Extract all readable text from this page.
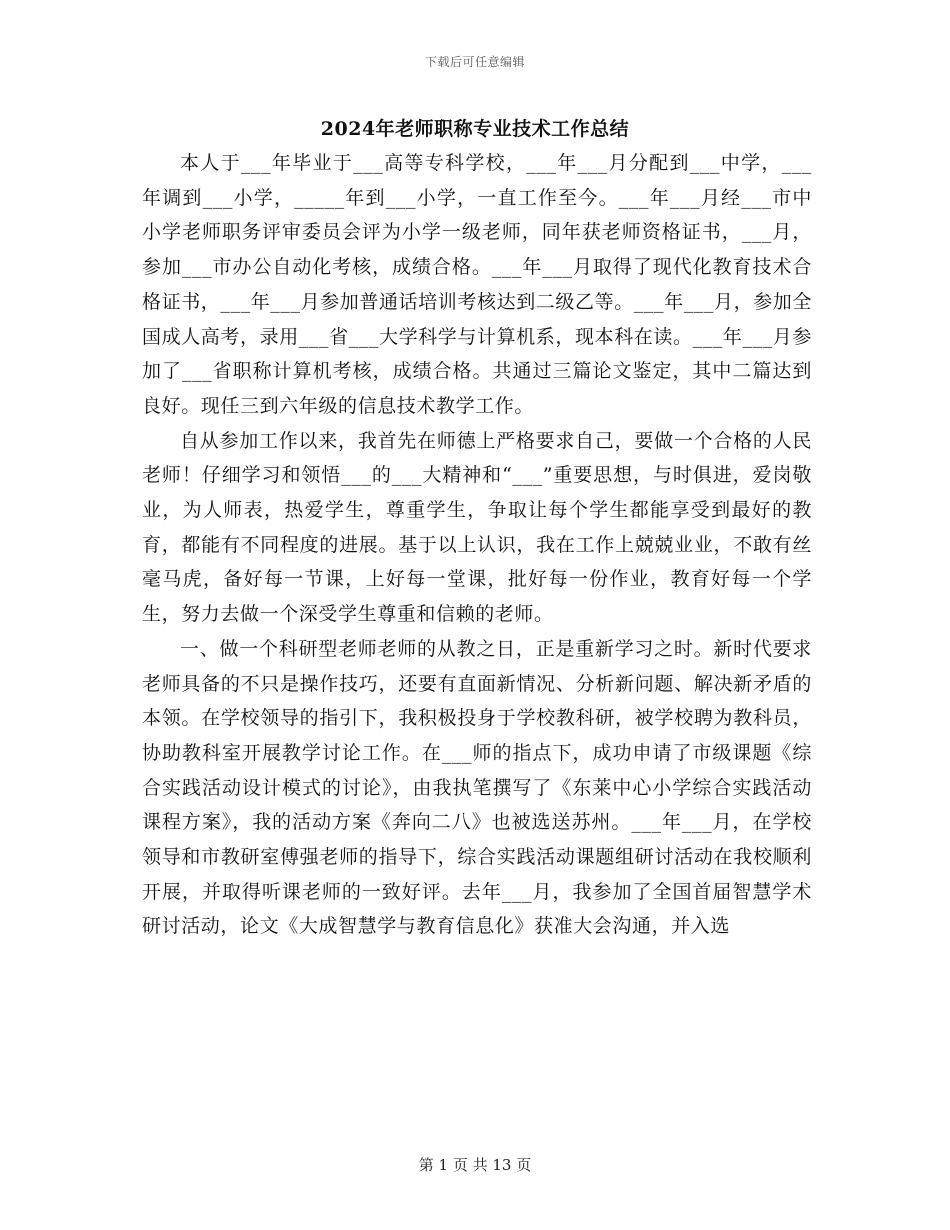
下载后可任意编辑
2024年老师职称专业技术工作总结

本人于___年毕业于___高等专科学校，___年___月分配到___中学，___年调到___小学，_____年到___小学，一直工作至今。___年___月经___市中小学老师职务评审委员会评为小学一级老师，同年获老师资格证书，___月，参加___市办公自动化考核，成绩合格。___年___月取得了现代化教育技术合格证书，___年___月参加普通话培训考核达到二级乙等。___年___月，参加全国成人高考，录用___省___大学科学与计算机系，现本科在读。___年___月参加了___省职称计算机考核，成绩合格。共通过三篇论文鉴定，其中二篇达到良好。现任三到六年级的信息技术教学工作。

自从参加工作以来，我首先在师德上严格要求自己，要做一个合格的人民老师！仔细学习和领悟___的___大精神和“___”重要思想，与时俱进，爱岗敬业，为人师表，热爱学生，尊重学生，争取让每个学生都能享受到最好的教育，都能有不同程度的进展。基于以上认识，我在工作上兢兢业业，不敢有丝毫马虎，备好每一节课，上好每一堂课，批好每一份作业，教育好每一个学生，努力去做一个深受学生尊重和信赖的老师。

一、做一个科研型老师老师的从教之日，正是重新学习之时。新时代要求老师具备的不只是操作技巧，还要有直面新情况、分析新问题、解决新矛盾的本领。在学校领导的指引下，我积极投身于学校教科研，被学校聘为教科员，协助教科室开展教学讨论工作。在___师的指点下，成功申请了市级课题《综合实践活动设计模式的讨论》，由我执笔撰写了《东莱中心小学综合实践活动课程方案》，我的活动方案《奔向二八》也被选送苏州。___年___月，在学校领导和市教研室傅强老师的指导下，综合实践活动课题组研讨活动在我校顺利开展，并取得听课老师的一致好评。去年___月，我参加了全国首届智慧学术研讨活动，论文《大成智慧学与教育信息化》获准大会沟通，并入选

第 1 页 共 13 页
